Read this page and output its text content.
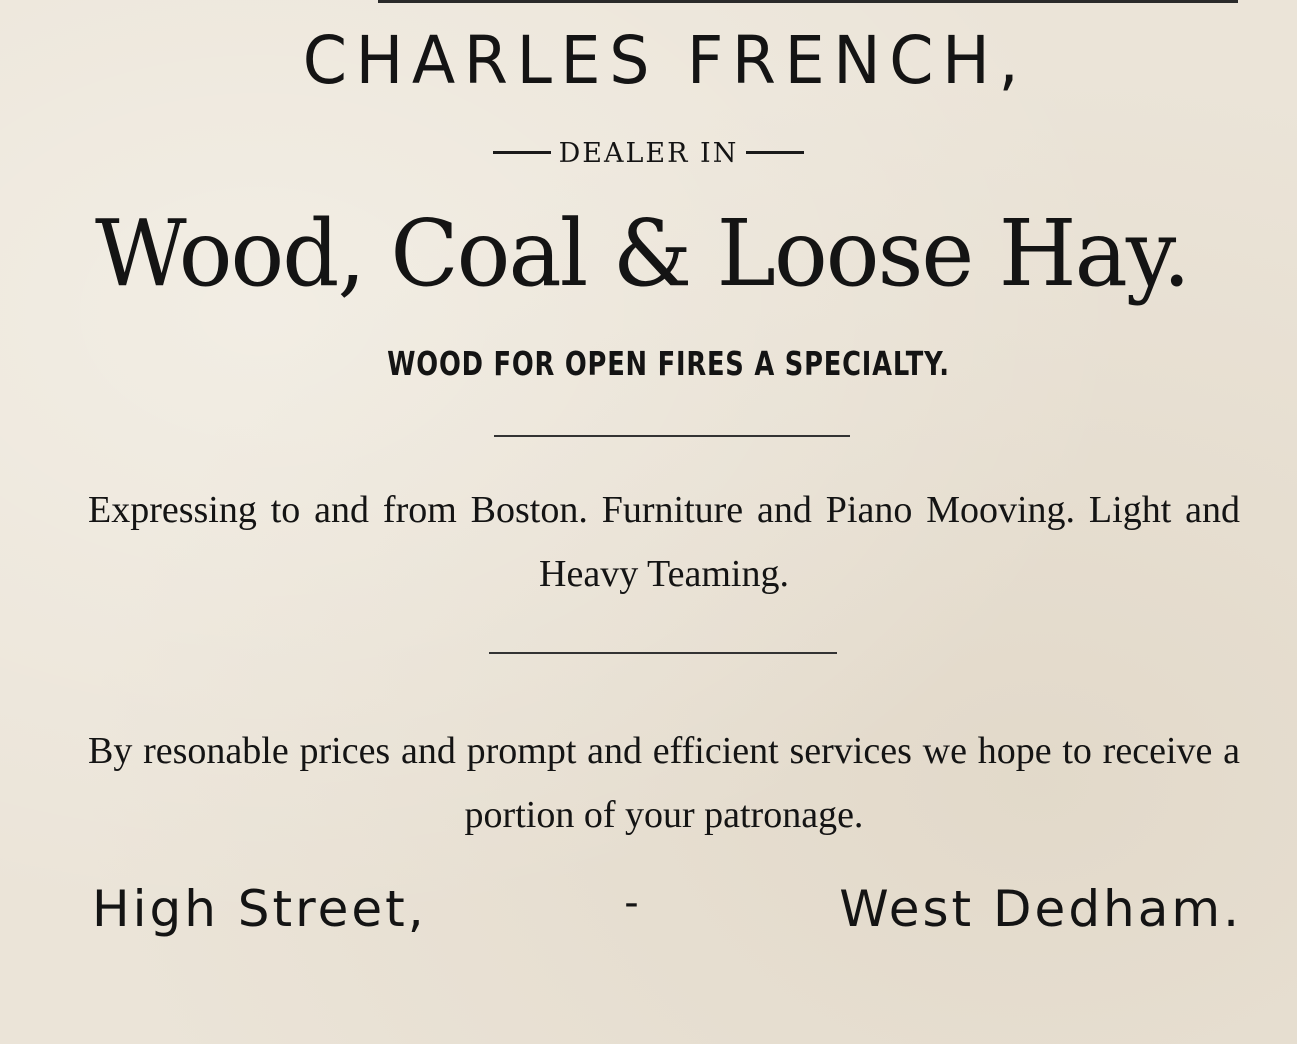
CHARLES FRENCH,
DEALER IN
Wood, Coal & Loose Hay.
WOOD FOR OPEN FIRES A SPECIALTY.
Expressing to and from Boston. Furniture and Piano Mooving. Light and Heavy Teaming.
By resonable prices and prompt and efficient services we hope to receive a portion of your patronage.
High Street,	-	West Dedham.
